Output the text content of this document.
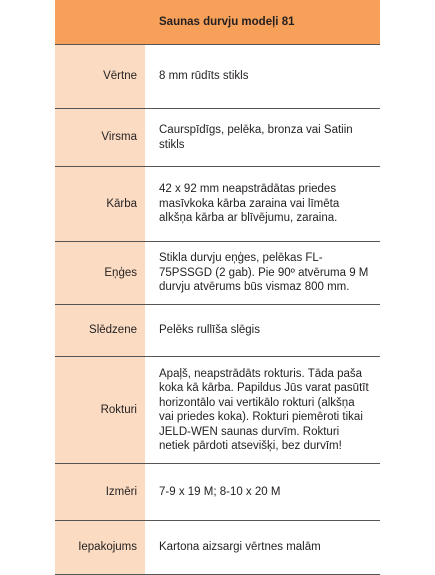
	Saunas durvju modeļi 81
Vērtne	8 mm rūdīts stikls
Virsma	Caurspīdīgs, pelēka, bronza vai Satiin stikls
Kārba	42 x 92 mm neapstrādātas priedes masīvkoka kārba zaraina vai līmēta alkšņa kārba ar blīvējumu, zaraina.
Eņģes	Stikla durvju eņģes, pelēkas FL-75PSSGD (2 gab). Pie 90º atvēruma 9 M durvju atvērums būs vismaz 800 mm.
Slēdzene	Pelēks rullīša slēgis
Rokturi	Apaļš, neapstrādāts rokturis. Tāda paša koka kā kārba. Papildus Jūs varat pasūtīt horizontālo vai vertikālo rokturi (alkšņa vai priedes koka). Rokturi piemēroti tikai JELD-WEN saunas durvīm. Rokturi netiek pārdoti atsevišķi, bez durvīm!
Izmēri	7-9 x 19 M; 8-10 x 20 M
Iepakojums	Kartona aizsargi vērtnes malām
